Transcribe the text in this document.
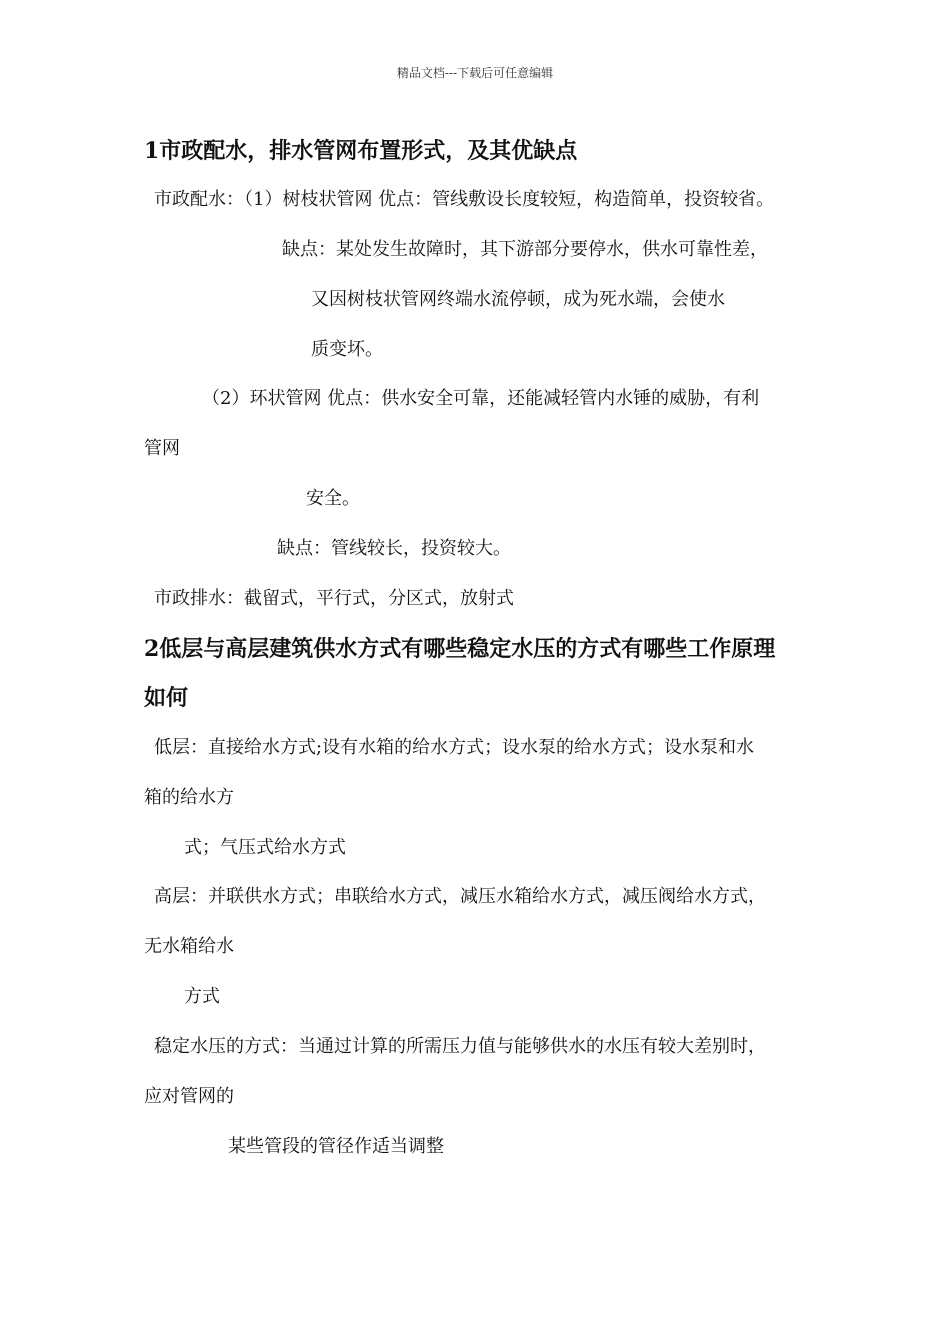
精品文档---下载后可任意编辑
1市政配水，排水管网布置形式，及其优缺点
市政配水：（1）树枝状管网 优点：管线敷设长度较短，构造简单，投资较省。
缺点：某处发生故障时，其下游部分要停水，供水可靠性差，
又因树枝状管网终端水流停顿，成为死水端，会使水
质变坏。
（2）环状管网 优点：供水安全可靠，还能减轻管内水锤的威胁，有利
管网
安全。
缺点：管线较长，投资较大。
市政排水：截留式，平行式，分区式，放射式
2低层与高层建筑供水方式有哪些稳定水压的方式有哪些工作原理
如何
低层：直接给水方式;设有水箱的给水方式；设水泵的给水方式；设水泵和水
箱的给水方
式；气压式给水方式
高层：并联供水方式；串联给水方式，减压水箱给水方式，减压阀给水方式，
无水箱给水
方式
稳定水压的方式：当通过计算的所需压力值与能够供水的水压有较大差别时，
应对管网的
某些管段的管径作适当调整
